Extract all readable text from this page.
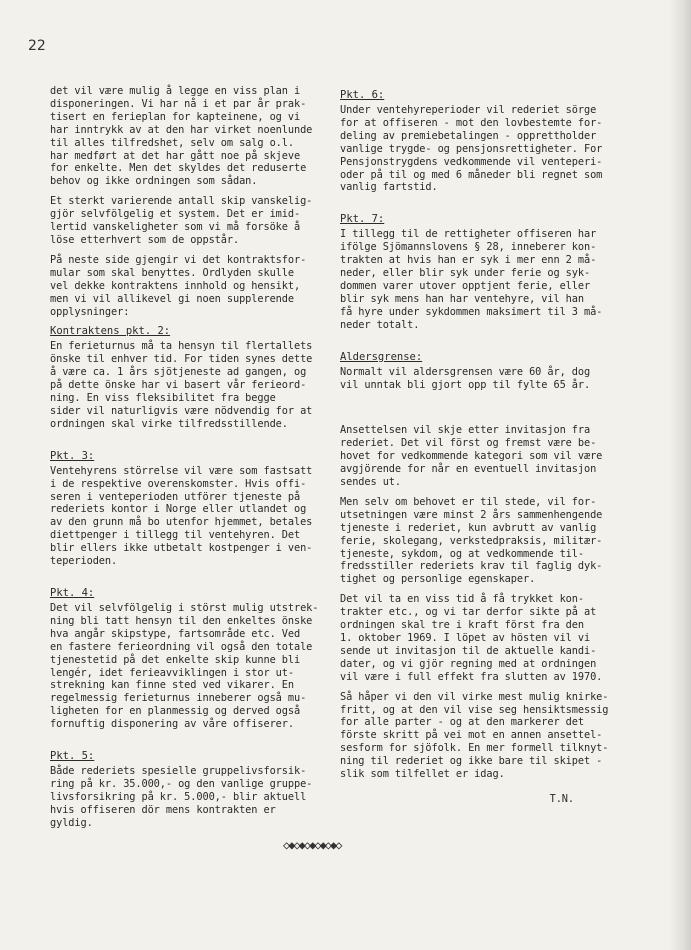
22

det vil være mulig å legge en viss plan i
disponeringen. Vi har nå i et par år prak-
tisert en ferieplan for kapteinene, og vi
har inntrykk av at den har virket noenlunde
til alles tilfredshet, selv om salg o.l.
har medført at det har gått noe på skjeve
for enkelte. Men det skyldes det reduserte
behov og ikke ordningen som sådan.

Et sterkt varierende antall skip vanskelig-
gjör selvfölgelig et system. Det er imid-
lertid vanskeligheter som vi må forsöke å
löse etterhvert som de oppstår.

På neste side gjengir vi det kontraktsfor-
mular som skal benyttes. Ordlyden skulle
vel dekke kontraktens innhold og hensikt,
men vi vil allikevel gi noen supplerende
opplysninger:

Kontraktens pkt. 2:

En ferieturnus må ta hensyn til flertallets
önske til enhver tid. For tiden synes dette
å være ca. 1 års sjötjeneste ad gangen, og
på dette önske har vi basert vår ferieord-
ning. En viss fleksibilitet fra begge
sider vil naturligvis være nödvendig for at
ordningen skal virke tilfredsstillende.

Pkt. 3:

Ventehyrens störrelse vil være som fastsatt
i de respektive overenskomster. Hvis offi-
seren i venteperioden utförer tjeneste på
rederiets kontor i Norge eller utlandet og
av den grunn må bo utenfor hjemmet, betales
diettpenger i tillegg til ventehyren. Det
blir ellers ikke utbetalt kostpenger i ven-
teperioden.

Pkt. 4:

Det vil selvfölgelig i störst mulig utstrek-
ning bli tatt hensyn til den enkeltes önske
hva angår skipstype, fartsområde etc. Ved
en fastere ferieordning vil også den totale
tjenestetid på det enkelte skip kunne bli
lengér, idet ferieavviklingen i stor ut-
strekning kan finne sted ved vikarer. En
regelmessig ferieturnus inneberer også mu-
ligheten for en planmessig og derved også
fornuftig disponering av våre offiserer.

Pkt. 5:

Både rederiets spesielle gruppelivsforsik-
ring på kr. 35.000,- og den vanlige gruppe-
livsforsikring på kr. 5.000,- blir aktuell
hvis offiseren dör mens kontrakten er gyldig.

Pkt. 6:

Under ventehyreperioder vil rederiet sörge
for at offiseren - mot den lovbestemte for-
deling av premiebetalingen - opprettholder
vanlige trygde- og pensjonsrettigheter. For
Pensjonstrygdens vedkommende vil venteperi-
oder på til og med 6 måneder bli regnet som
vanlig fartstid.

Pkt. 7:

I tillegg til de rettigheter offiseren har
ifölge Sjömannslovens § 28, inneberer kon-
trakten at hvis han er syk i mer enn 2 må-
neder, eller blir syk under ferie og syk-
dommen varer utover opptjent ferie, eller
blir syk mens han har ventehyre, vil han
få hyre under sykdommen maksimert til 3 må-
neder totalt.

Aldersgrense:

Normalt vil aldersgrensen være 60 år, dog
vil unntak bli gjort opp til fylte 65 år.

Ansettelsen vil skje etter invitasjon fra
rederiet. Det vil först og fremst være be-
hovet for vedkommende kategori som vil være
avgjörende for når en eventuell invitasjon
sendes ut.

Men selv om behovet er til stede, vil for-
utsetningen være minst 2 års sammenhengende
tjeneste i rederiet, kun avbrutt av vanlig
ferie, skolegang, verkstedpraksis, militær-
tjeneste, sykdom, og at vedkommende til-
fredsstiller rederiets krav til faglig dyk-
tighet og personlige egenskaper.

Det vil ta en viss tid å få trykket kon-
trakter etc., og vi tar derfor sikte på at
ordningen skal tre i kraft först fra den
1. oktober 1969. I löpet av hösten vil vi
sende ut invitasjon til de aktuelle kandi-
dater, og vi gjör regning med at ordningen
vil være i full effekt fra slutten av 1970.

Så håper vi den vil virke mest mulig knirke-
fritt, og at den vil vise seg hensiktsmessig
for alle parter - og at den markerer det
förste skritt på vei mot en annen ansettel-
sesform for sjöfolk. En mer formell tilknyt-
ning til rederiet og ikke bare til skipet -
slik som tilfellet er idag.

T.N.

◇◆◇◆◇◆◇◆◇◆◇
